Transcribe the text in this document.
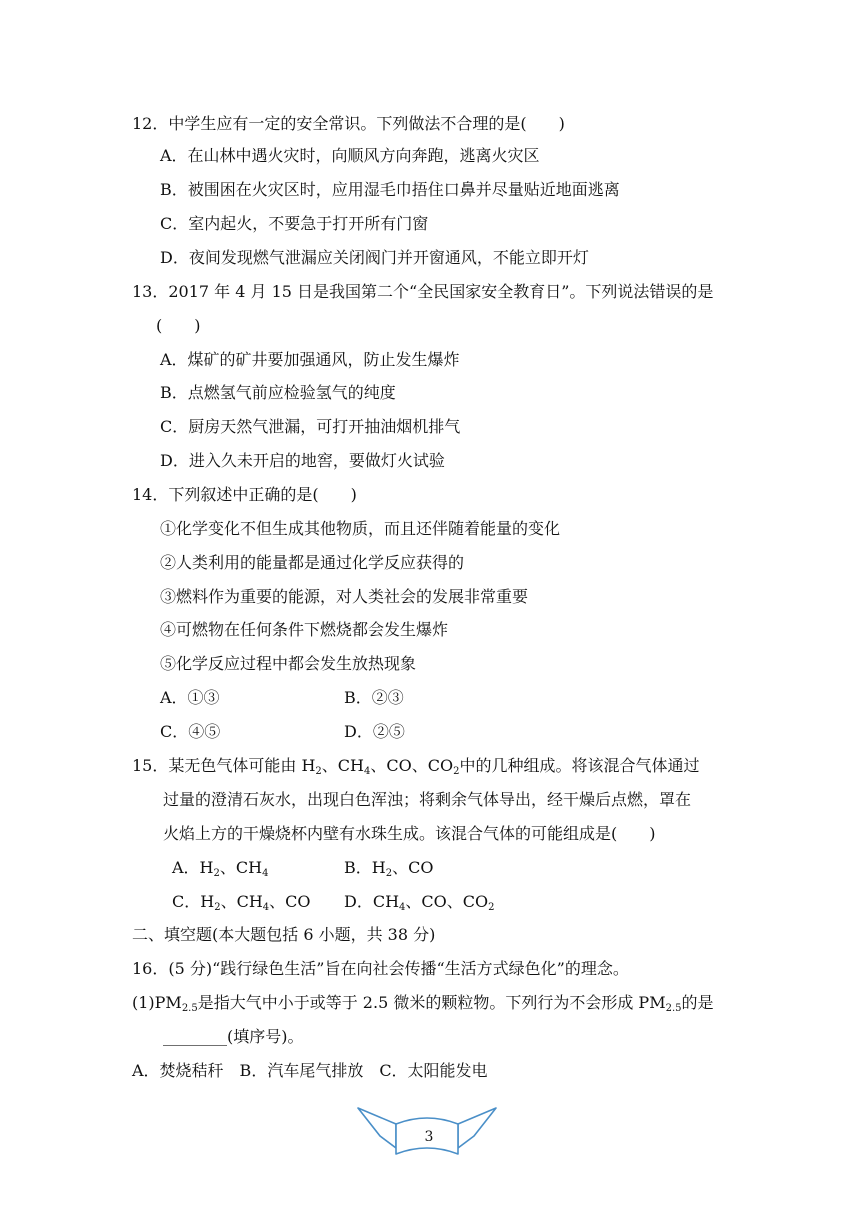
12．中学生应有一定的安全常识。下列做法不合理的是(　　)
A．在山林中遇火灾时，向顺风方向奔跑，逃离火灾区
B．被围困在火灾区时，应用湿毛巾捂住口鼻并尽量贴近地面逃离
C．室内起火，不要急于打开所有门窗
D．夜间发现燃气泄漏应关闭阀门并开窗通风，不能立即开灯
13．2017 年 4 月 15 日是我国第二个“全民国家安全教育日”。下列说法错误的是
(　　)
A．煤矿的矿井要加强通风，防止发生爆炸
B．点燃氢气前应检验氢气的纯度
C．厨房天然气泄漏，可打开抽油烟机排气
D．进入久未开启的地窖，要做灯火试验
14．下列叙述中正确的是(　　)
①化学变化不但生成其他物质，而且还伴随着能量的变化
②人类利用的能量都是通过化学反应获得的
③燃料作为重要的能源，对人类社会的发展非常重要
④可燃物在任何条件下燃烧都会发生爆炸
⑤化学反应过程中都会发生放热现象
A．①③	B．②③
C．④⑤	D．②⑤
15．某无色气体可能由 $H_2$、$CH_4$、CO、$CO_2$中的几种组成。将该混合气体通过
过量的澄清石灰水，出现白色浑浊；将剩余气体导出，经干燥后点燃，罩在
火焰上方的干燥烧杯内壁有水珠生成。该混合气体的可能组成是(　　)
A．$H_2$、$CH_4$	B．$H_2$、CO
C．$H_2$、$CH_4$、CO D．$CH_4$、CO、$CO_2$
二、填空题(本大题包括 6 小题，共 38 分)
16．(5 分)“践行绿色生活”旨在向社会传播“生活方式绿色化”的理念。
$(1)PM_{2.5}$是指大气中小于或等于 2.5 微米的颗粒物。下列行为不会形成 $PM_{2.5}$的是
________(填序号)。
A．焚烧秸秆　B．汽车尾气排放　C．太阳能发电
3
